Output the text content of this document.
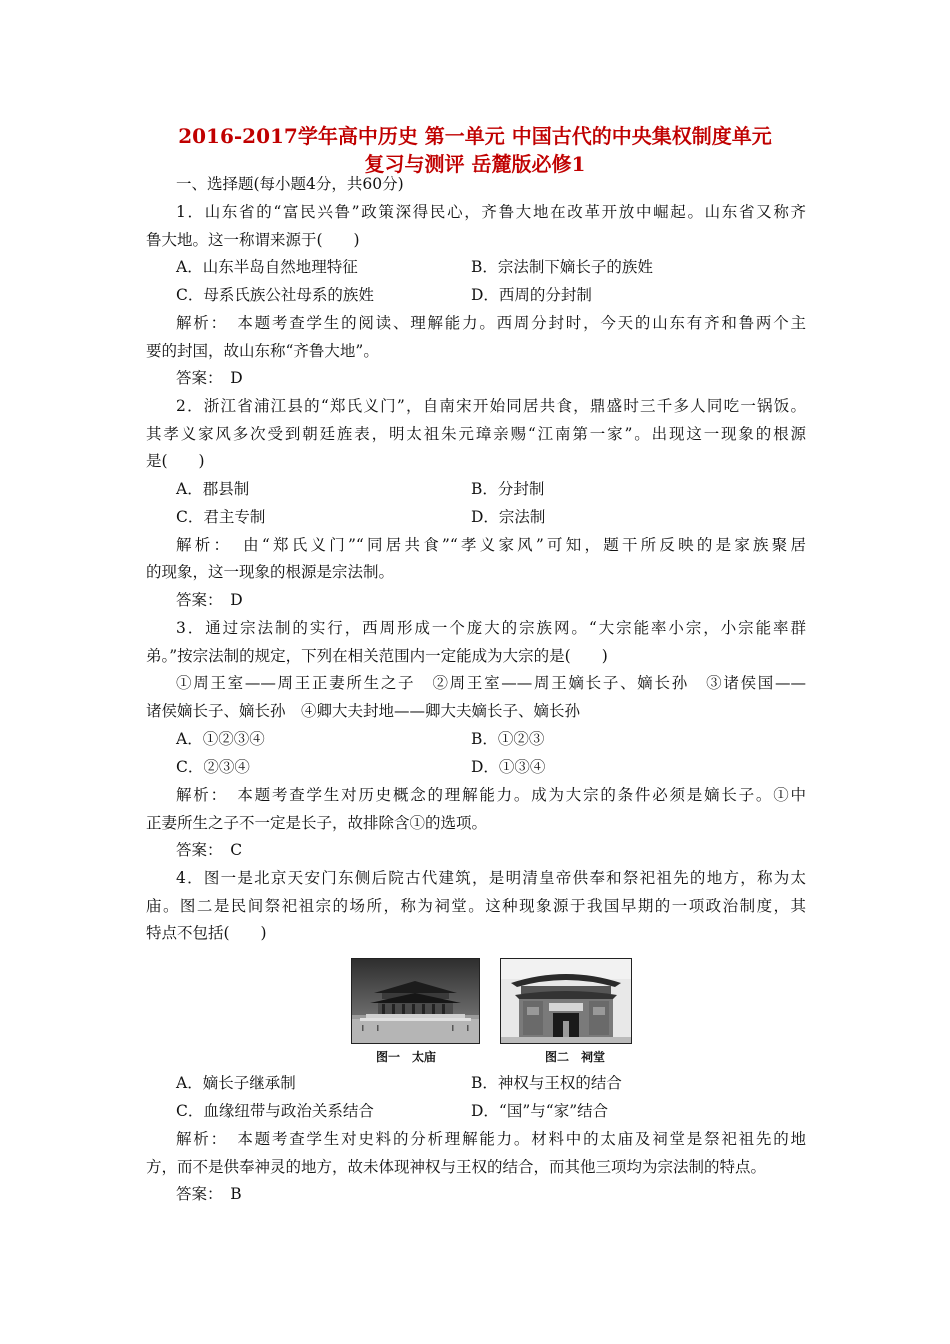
2016-2017学年高中历史 第一单元 中国古代的中央集权制度单元
复习与测评 岳麓版必修1
一、选择题(每小题4分，共60分)
1．山东省的“富民兴鲁”政策深得民心，齐鲁大地在改革开放中崛起。山东省又称齐
鲁大地。这一称谓来源于(　　)
A．山东半岛自然地理特征	B．宗法制下嫡长子的族姓
C．母系氏族公社母系的族姓	D．西周的分封制
解析：　本题考查学生的阅读、理解能力。西周分封时，今天的山东有齐和鲁两个主
要的封国，故山东称“齐鲁大地”。
答案：　D
2．浙江省浦江县的“郑氏义门”，自南宋开始同居共食，鼎盛时三千多人同吃一锅饭。
其孝义家风多次受到朝廷旌表，明太祖朱元璋亲赐“江南第一家”。出现这一现象的根源
是(　　)
A．郡县制	B．分封制
C．君主专制	D．宗法制
解析：　由“郑氏义门”“同居共食”“孝义家风”可知，题干所反映的是家族聚居
的现象，这一现象的根源是宗法制。
答案：　D
3．通过宗法制的实行，西周形成一个庞大的宗族网。“大宗能率小宗，小宗能率群
弟。”按宗法制的规定，下列在相关范围内一定能成为大宗的是(　　)
①周王室——周王正妻所生之子　②周王室——周王嫡长子、嫡长孙　③诸侯国——
诸侯嫡长子、嫡长孙　④卿大夫封地——卿大夫嫡长子、嫡长孙
A．①②③④	B．①②③
C．②③④	D．①③④
解析：　本题考查学生对历史概念的理解能力。成为大宗的条件必须是嫡长子。①中
正妻所生之子不一定是长子，故排除含①的选项。
答案：　C
4．图一是北京天安门东侧后院古代建筑，是明清皇帝供奉和祭祀祖先的地方，称为太
庙。图二是民间祭祀祖宗的场所，称为祠堂。这种现象源于我国早期的一项政治制度，其
特点不包括(　　)
图一　太庙	图二　祠堂
A．嫡长子继承制	B．神权与王权的结合
C．血缘纽带与政治关系结合	D．“国”与“家”结合
解析：　本题考查学生对史料的分析理解能力。材料中的太庙及祠堂是祭祀祖先的地
方，而不是供奉神灵的地方，故未体现神权与王权的结合，而其他三项均为宗法制的特点。
答案：　B
